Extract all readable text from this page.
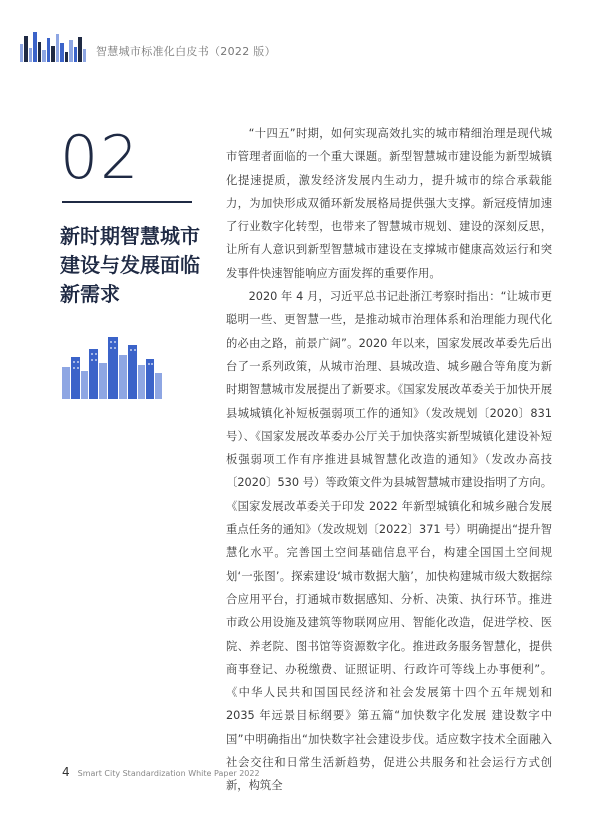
智慧城市标准化白皮书（2022 版）
02
新时期智慧城市建设与发展面临新需求

“十四五”时期，如何实现高效扎实的城市精细治理是现代城市管理者面临的一个重大课题。新型智慧城市建设能为新型城镇化提速提质，激发经济发展内生动力，提升城市的综合承载能力，为加快形成双循环新发展格局提供强大支撑。新冠疫情加速了行业数字化转型，也带来了智慧城市规划、建设的深刻反思，让所有人意识到新型智慧城市建设在支撑城市健康高效运行和突发事件快速智能响应方面发挥的重要作用。

2020 年 4 月，习近平总书记赴浙江考察时指出：“让城市更聪明一些、更智慧一些，是推动城市治理体系和治理能力现代化的必由之路，前景广阔”。2020 年以来，国家发展改革委先后出台了一系列政策，从城市治理、县城改造、城乡融合等角度为新时期智慧城市发展提出了新要求。《国家发展改革委关于加快开展县城城镇化补短板强弱项工作的通知》（发改规划〔2020〕831 号）、《国家发展改革委办公厅关于加快落实新型城镇化建设补短板强弱项工作有序推进县城智慧化改造的通知》（发改办高技〔2020〕530 号）等政策文件为县城智慧城市建设指明了方向。《国家发展改革委关于印发 2022 年新型城镇化和城乡融合发展重点任务的通知》（发改规划〔2022〕371 号）明确提出“提升智慧化水平。完善国土空间基础信息平台，构建全国国土空间规划‘一张图’。探索建设‘城市数据大脑’，加快构建城市级大数据综合应用平台，打通城市数据感知、分析、决策、执行环节。推进市政公用设施及建筑等物联网应用、智能化改造，促进学校、医院、养老院、图书馆等资源数字化。推进政务服务智慧化，提供商事登记、办税缴费、证照证明、行政许可等线上办事便利”。《中华人民共和国国民经济和社会发展第十四个五年规划和 2035 年远景目标纲要》第五篇“加快数字化发展 建设数字中国”中明确指出“加快数字社会建设步伐。适应数字技术全面融入社会交往和日常生活新趋势，促进公共服务和社会运行方式创新，构筑全

4 Smart City Standardization White Paper 2022
